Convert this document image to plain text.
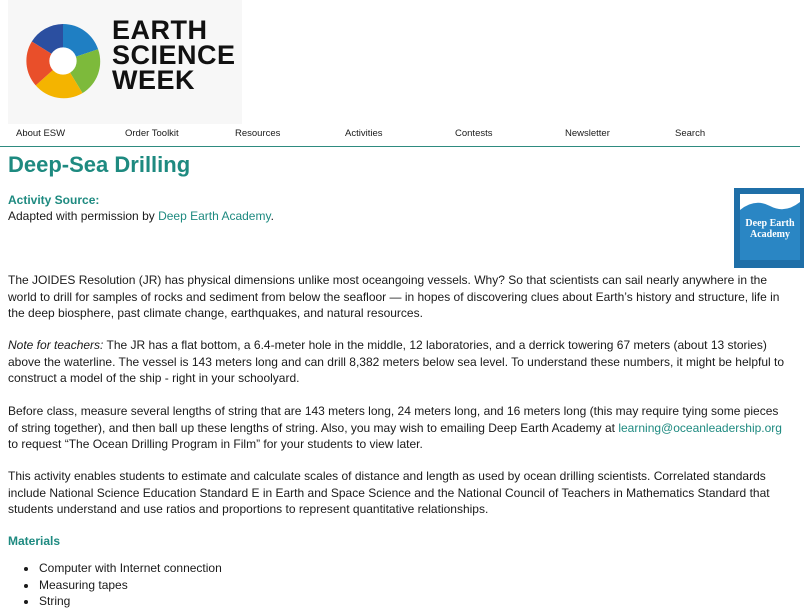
EARTH
SCIENCE
WEEK
About ESW	Order Toolkit	Resources	Activities	Contests	Newsletter	Search
Deep-Sea Drilling
Activity Source:
Adapted with permission by Deep Earth Academy.

The JOIDES Resolution (JR) has physical dimensions unlike most oceangoing vessels. Why? So that scientists can sail nearly anywhere in the world to drill for samples of rocks and sediment from below the seafloor — in hopes of discovering clues about Earth’s history and structure, life in the deep biosphere, past climate change, earthquakes, and natural resources.

Note for teachers: The JR has a flat bottom, a 6.4-meter hole in the middle, 12 laboratories, and a derrick towering 67 meters (about 13 stories) above the waterline. The vessel is 143 meters long and can drill 8,382 meters below sea level. To understand these numbers, it might be helpful to construct a model of the ship - right in your schoolyard.

Before class, measure several lengths of string that are 143 meters long, 24 meters long, and 16 meters long (this may require tying some pieces of string together), and then ball up these lengths of string. Also, you may wish to emailing Deep Earth Academy at learning@oceanleadership.org to request “The Ocean Drilling Program in Film” for your students to view later.

This activity enables students to estimate and calculate scales of distance and length as used by ocean drilling scientists. Correlated standards include National Science Education Standard E in Earth and Space Science and the National Council of Teachers in Mathematics Standard that students understand and use ratios and proportions to represent quantitative relationships.

Materials
• Computer with Internet connection
• Measuring tapes
• String
Deep Earth
Academy
